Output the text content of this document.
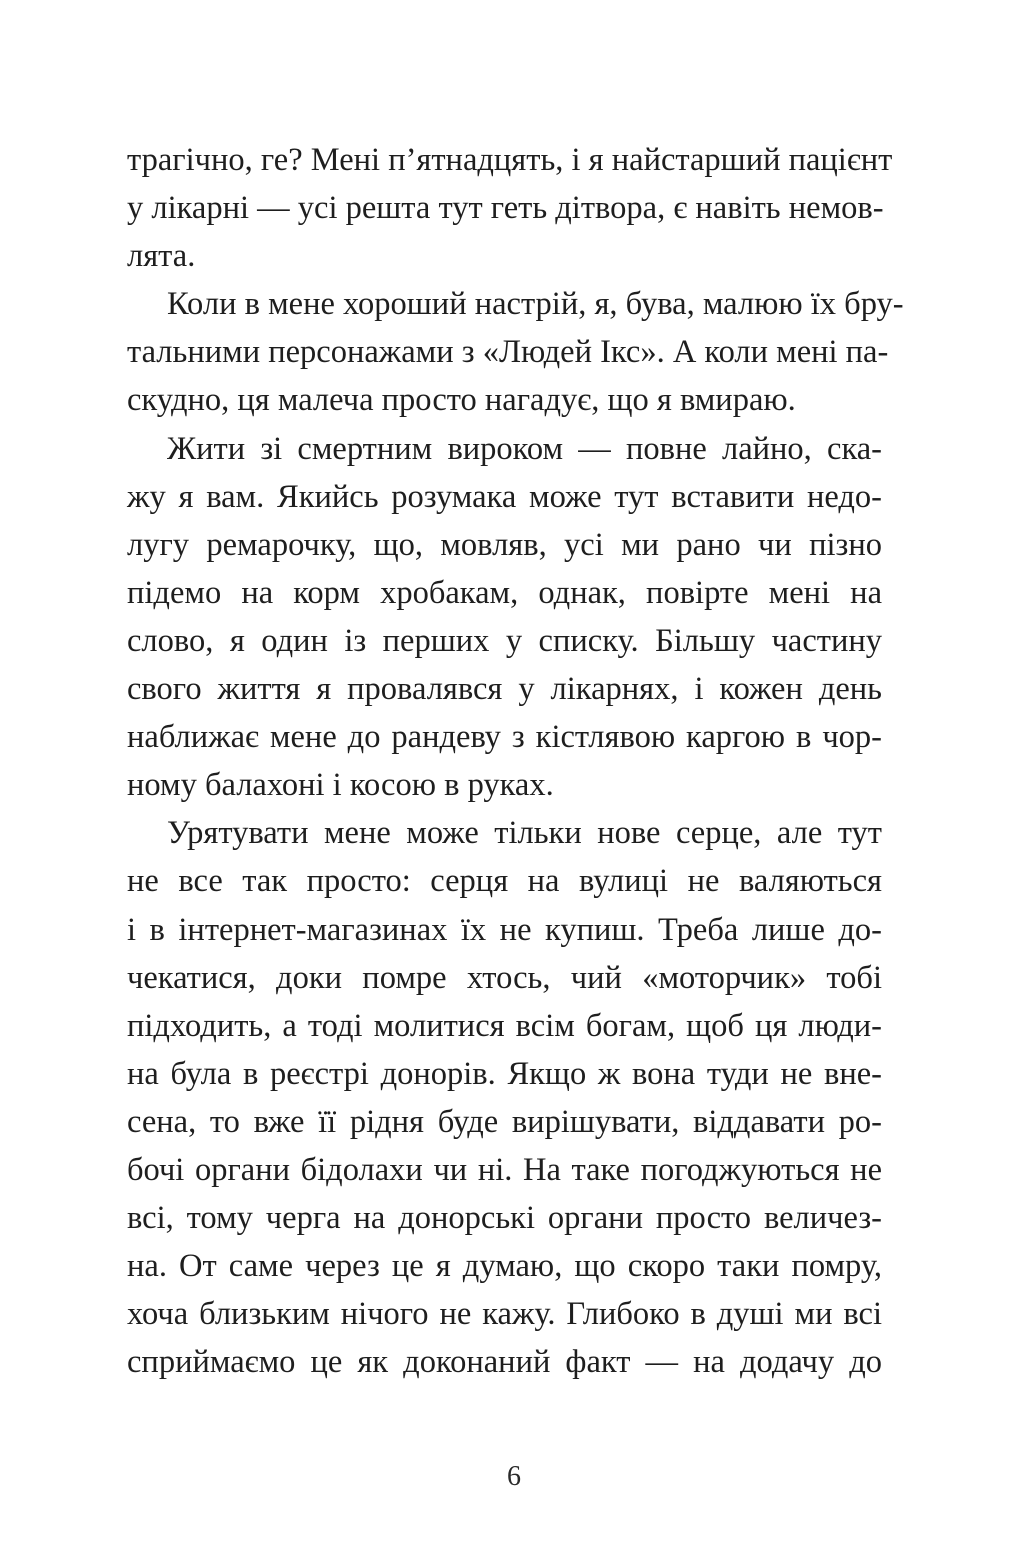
трагічно, ге? Мені п’ятнадцять, і я найстарший пацієнт
у лікарні — усі решта тут геть дітвора, є навіть немов-
лята.
Коли в мене хороший настрій, я, бува, малюю їх бру-
тальними персонажами з «Людей Ікс». А коли мені па-
скудно, ця малеча просто нагадує, що я вмираю.
Жити зі смертним вироком — повне лайно, ска-
жу я вам. Якийсь розумака може тут вставити недо-
лугу ремарочку, що, мовляв, усі ми рано чи пізно
підемо на корм хробакам, однак, повірте мені на
слово, я один із перших у списку. Більшу частину
свого життя я провалявся у лікарнях, і кожен день
наближає мене до рандеву з кістлявою каргою в чор-
ному балахоні і косою в руках.
Урятувати мене може тільки нове серце, але тут
не все так просто: серця на вулиці не валяються
і в інтернет-магазинах їх не купиш. Треба лише до-
чекатися, доки помре хтось, чий «моторчик» тобі
підходить, а тоді молитися всім богам, щоб ця люди-
на була в реєстрі донорів. Якщо ж вона туди не вне-
сена, то вже її рідня буде вирішувати, віддавати ро-
бочі органи бідолахи чи ні. На таке погоджуються не
всі, тому черга на донорські органи просто величез-
на. От саме через це я думаю, що скоро таки помру,
хоча близьким нічого не кажу. Глибоко в душі ми всі
сприймаємо це як доконаний факт — на додачу до
6
